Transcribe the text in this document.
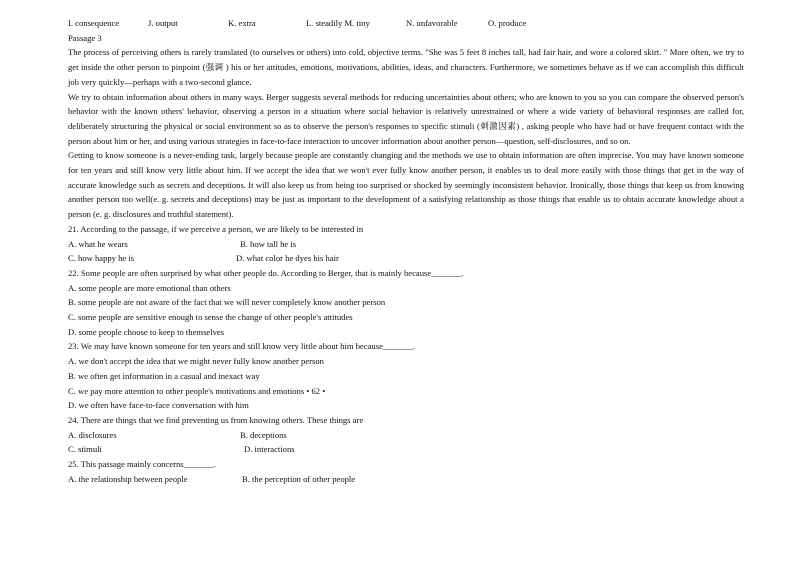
I. consequence	J. output	K. extra	L. steadily M. tiny	N. unfavorable	O. produce
Passage 3
The process of perceiving others is rarely translated (to ourselves or others) into cold, objective terms. "She was 5 feet 8 inches tall, had fair hair, and wore a colored skirt. " More often, we try to get inside the other person to pinpoint (强调 ) his or her attitudes, emotions, motivations, abilities, ideas, and characters. Furthermore, we sometimes behave as if we can accomplish this difficult job very quickly—perhaps with a two-second glance.
We try to obtain information about others in many ways. Berger suggests several methods for reducing uncertainties about others; who are known to you so you can compare the observed person's behavior with the known others' behavior, observing a person in a situation where social behavior is relatively unrestrained or where a wide variety of behavioral responses are called for, deliberately structuring the physical or social environment so as to observe the person's responses to specific stimuli (刺激因素) , asking people who have had or have frequent contact with the person about him or her, and using various strategies in face-to-face interaction to uncover information about another person—question, self-disclosures, and so on.
Getting to know someone is a never-ending task, largely because people are constantly changing and the methods we use to obtain information are often imprecise. You may have known someone for ten years and still know very little about him. If we accept the idea that we won't ever fully know another person, it enables us to deal more easily with those things that get in the way of accurate knowledge such as secrets and deceptions. It will also keep us from being too surprised or shocked by seemingly inconsistent behavior. Ironically, those things that keep us from knowing another person too well(e. g. secrets and deceptions) may be just as important to the development of a satisfying relationship as those things that enable us to obtain accurate knowledge about a person (e. g. disclosures and truthful statement).
21. According to the passage, if we perceive a person, we are likely to be interested in
A. what he wears	B. how tall he is
C. how happy he is	D. what color he dyes his hair
22. Some people are often surprised by what other people do. According to Berger, that is mainly because_______.
A. some people are more emotional than others
B. some people are not aware of the fact that we will never completely know another person
C. some people are sensitive enough to sense the change of other people's attitudes
D. some people choose to keep to themselves
23. We may have known someone for ten years and still know very little about him because_______.
A. we don't accept the idea that we might never fully know another person
B. we often get information in a casual and inexact way
C. we pay more attention to other people's motivations and emotions • 62 •
D. we often have face-to-face conversation with him
24. There are things that we find preventing us from knowing others. These things are
A. disclosures	B. deceptions
C. stimuli	D. interactions
25. This passage mainly concerns_______.
A. the relationship between people	B. the perception of other people
